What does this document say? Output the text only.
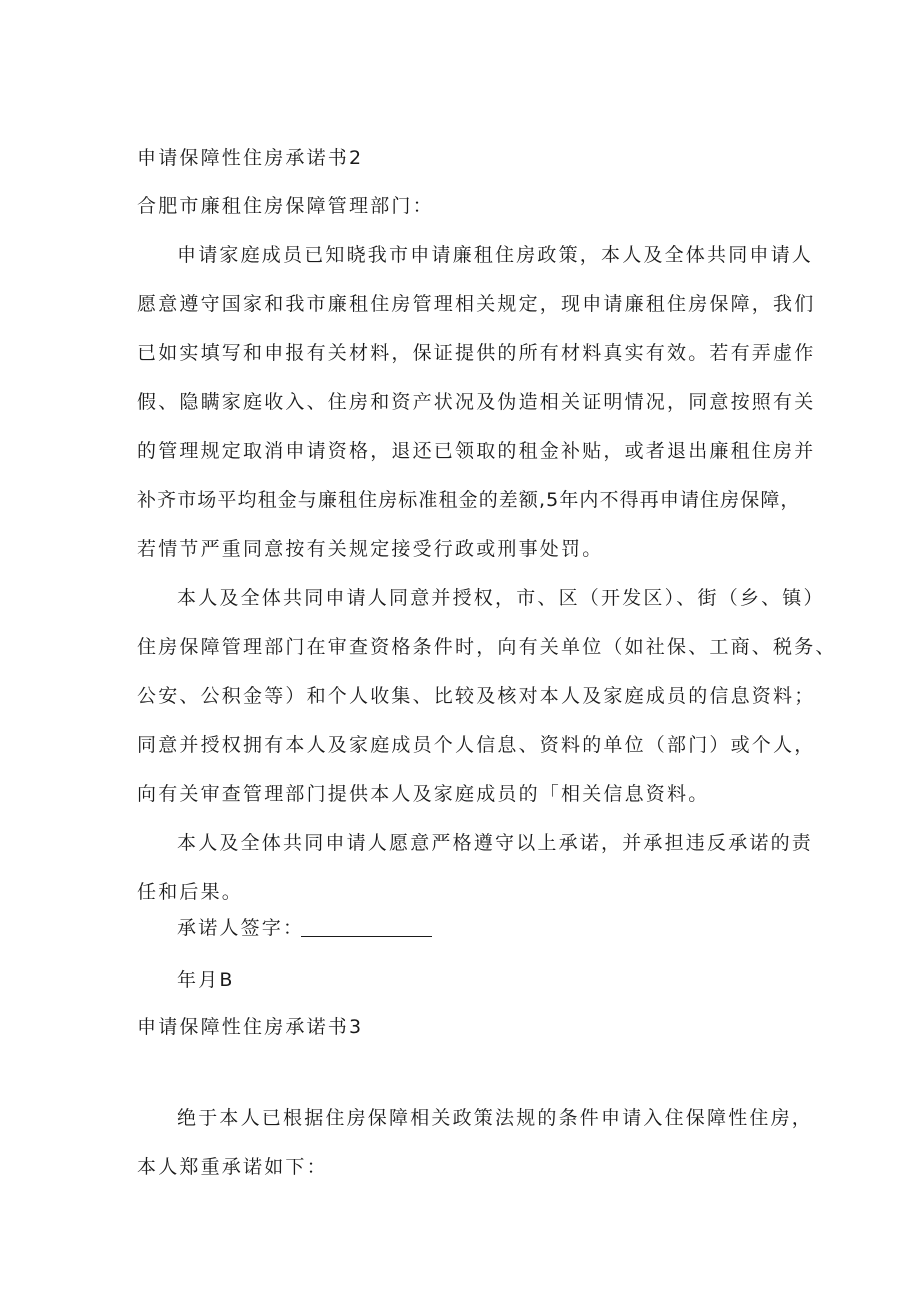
申请保障性住房承诺书2
合肥市廉租住房保障管理部门：
申请家庭成员已知晓我市申请廉租住房政策，本人及全体共同申请人
愿意遵守国家和我市廉租住房管理相关规定，现申请廉租住房保障，我们
已如实填写和申报有关材料，保证提供的所有材料真实有效。若有弄虚作
假、隐瞒家庭收入、住房和资产状况及伪造相关证明情况，同意按照有关
的管理规定取消申请资格，退还已领取的租金补贴，或者退出廉租住房并
补齐市场平均租金与廉租住房标准租金的差额,5年内不得再申请住房保障，
若情节严重同意按有关规定接受行政或刑事处罚。
本人及全体共同申请人同意并授权，市、区（开发区）、街（乡、镇）
住房保障管理部门在审查资格条件时，向有关单位（如社保、工商、税务、
公安、公积金等）和个人收集、比较及核对本人及家庭成员的信息资料；
同意并授权拥有本人及家庭成员个人信息、资料的单位（部门）或个人，
向有关审查管理部门提供本人及家庭成员的「相关信息资料。
本人及全体共同申请人愿意严格遵守以上承诺，并承担违反承诺的责
任和后果。
承诺人签字：
年月B
申请保障性住房承诺书3
绝于本人已根据住房保障相关政策法规的条件申请入住保障性住房，
本人郑重承诺如下：
